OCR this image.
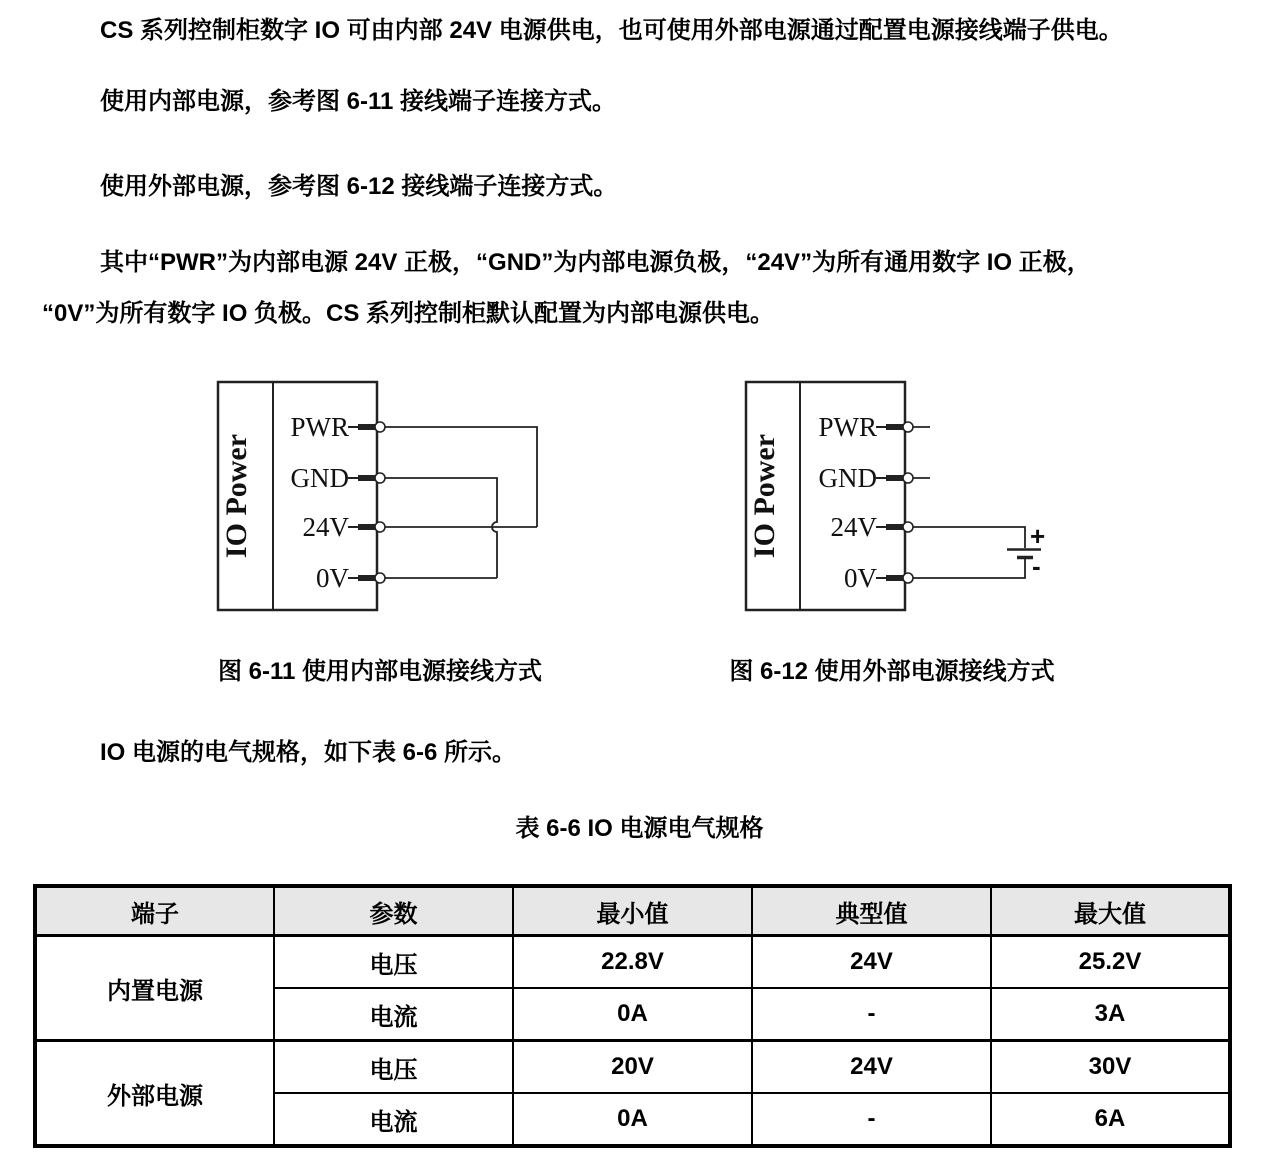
CS 系列控制柜数字 IO 可由内部 24V 电源供电，也可使用外部电源通过配置电源接线端子供电。
使用内部电源，参考图 6-11 接线端子连接方式。
使用外部电源，参考图 6-12 接线端子连接方式。
其中“PWR”为内部电源 24V 正极，“GND”为内部电源负极，“24V”为所有通用数字 IO 正极，
“0V”为所有数字 IO 负极。CS 系列控制柜默认配置为内部电源供电。
IO Power
PWR
GND
24V
0V
IO Power
PWR
GND
24V
0V
+
-
图 6-11 使用内部电源接线方式	图 6-12 使用外部电源接线方式
IO 电源的电气规格，如下表 6-6 所示。
表 6-6 IO 电源电气规格
端子	参数	最小值	典型值	最大值
内置电源	电压	22.8V	24V	25.2V
	电流	0A	-	3A
外部电源	电压	20V	24V	30V
	电流	0A	-	6A
